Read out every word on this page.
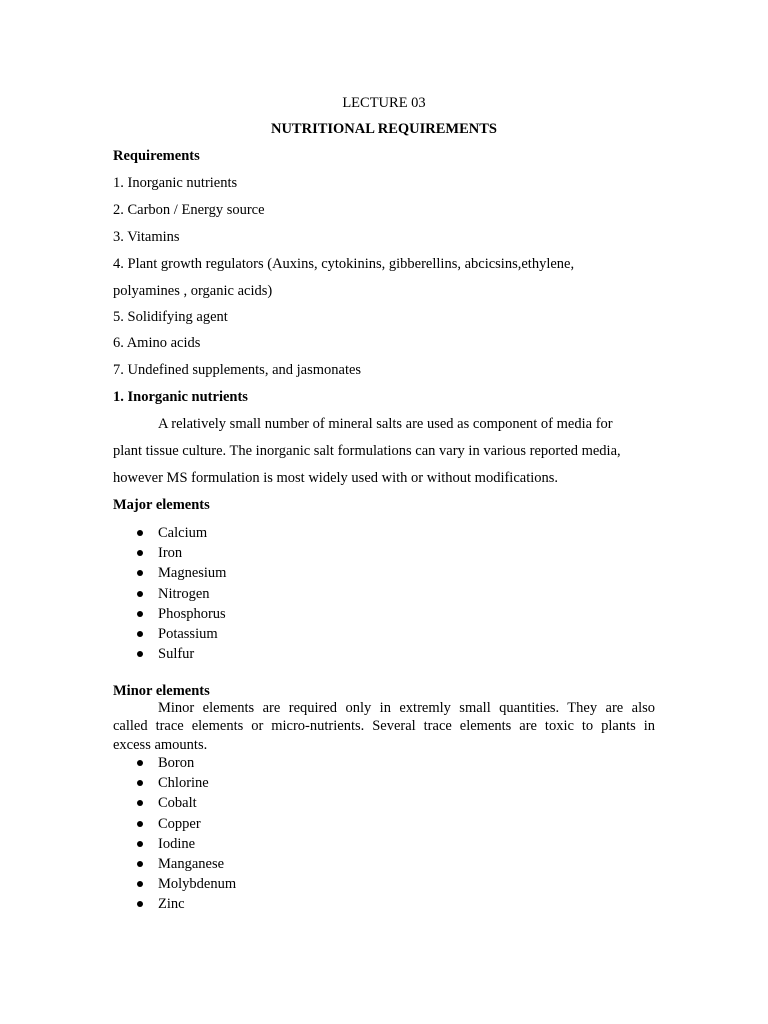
LECTURE 03
NUTRITIONAL REQUIREMENTS
Requirements
1. Inorganic nutrients
2. Carbon / Energy source
3. Vitamins
4. Plant growth regulators (Auxins, cytokinins, gibberellins, abcicsins,ethylene,
polyamines , organic acids)
5. Solidifying agent
6. Amino acids
7. Undefined supplements, and jasmonates
1. Inorganic nutrients
A relatively small number of mineral salts are used as component of media for
plant tissue culture. The inorganic salt formulations can vary in various reported media,
however MS formulation is most widely used with or without modifications.
Major elements
Calcium
Iron
Magnesium
Nitrogen
Phosphorus
Potassium
Sulfur
Minor elements
Minor elements are required only in extremly small quantities. They are also
called trace elements or micro-nutrients. Several trace elements are toxic to plants in
excess amounts.
Boron
Chlorine
Cobalt
Copper
Iodine
Manganese
Molybdenum
Zinc
